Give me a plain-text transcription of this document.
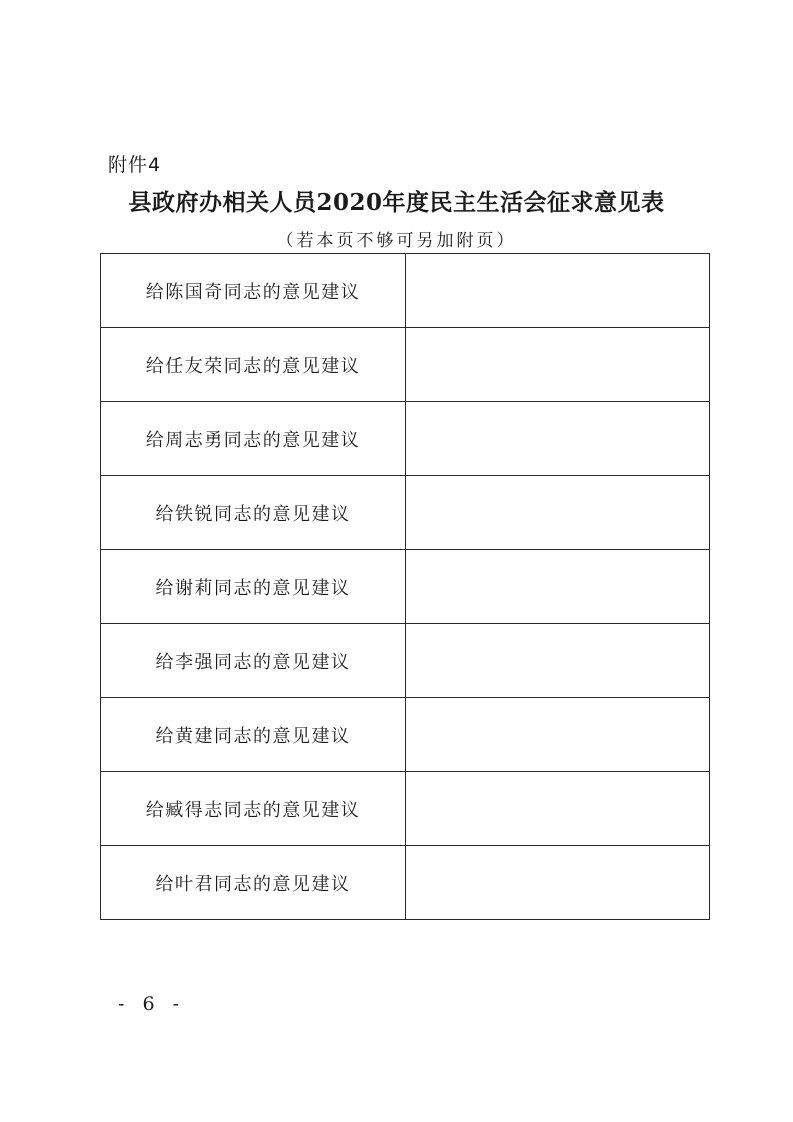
附件4
县政府办相关人员2020年度民主生活会征求意见表
（若本页不够可另加附页）
给陈国奇同志的意见建议	
给任友荣同志的意见建议	
给周志勇同志的意见建议	
给铁锐同志的意见建议	
给谢莉同志的意见建议	
给李强同志的意见建议	
给黄建同志的意见建议	
给臧得志同志的意见建议	
给叶君同志的意见建议	
- 6 -
